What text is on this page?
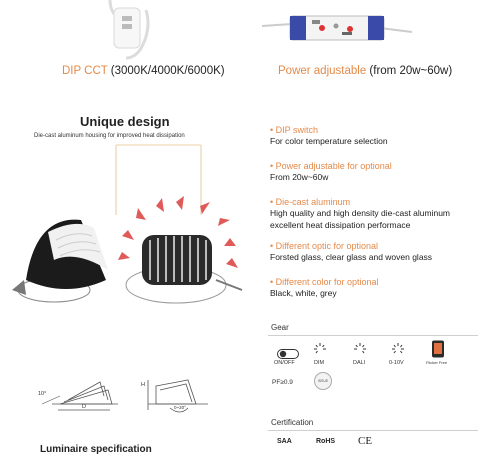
DIP CCT (3000K/4000K/6000K)	Power adjustable (from 20w~60w)
Unique design
Die-cast aluminum housing for improved heat dissipation
• DIP switch
For color temperature selection
• Power adjustable for optional
From 20w~60w
• Die-cast aluminum
High quality and high density die-cast aluminum
excellent heat dissipation performace
• Different optic for optional
Forsted glass, clear glass and woven glass
• Different color for optional
Black, white, grey
Gear
ON/OFF	DIM	DALI	0-10V	Flicker Free
PF≥0.9	ISSUE
Certification
SAA	RoHS CE
10°
D
H
0~20°
Luminaire specification
